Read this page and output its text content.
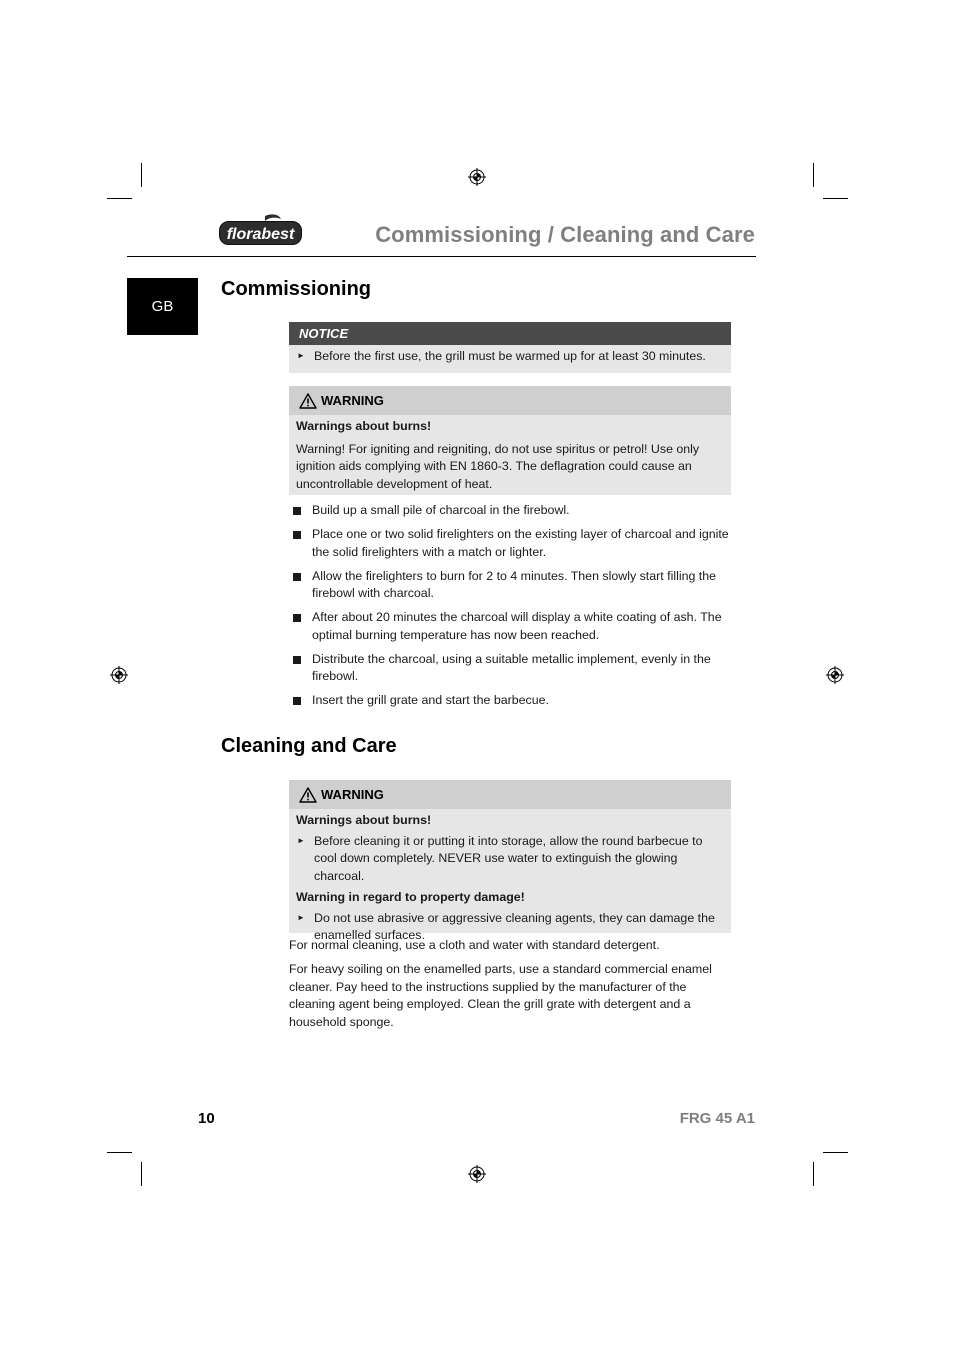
florabest	Commissioning / Cleaning and Care
GB
Commissioning
NOTICE
► Before the first use, the grill must be warmed up for at least 30 minutes.
WARNING
Warnings about burns!
Warning! For igniting and reigniting, do not use spiritus or petrol! Use only ignition aids complying with EN 1860-3. The deflagration could cause an uncontrollable development of heat.
Build up a small pile of charcoal in the firebowl.
Place one or two solid firelighters on the existing layer of charcoal and ignite the solid firelighters with a match or lighter.
Allow the firelighters to burn for 2 to 4 minutes. Then slowly start filling the firebowl with charcoal.
After about 20 minutes the charcoal will display a white coating of ash. The optimal burning temperature has now been reached.
Distribute the charcoal, using a suitable metallic implement, evenly in the firebowl.
Insert the grill grate and start the barbecue.
Cleaning and Care
WARNING
Warnings about burns!
► Before cleaning it or putting it into storage, allow the round barbecue to cool down completely. NEVER use water to extinguish the glowing charcoal.
Warning in regard to property damage!
► Do not use abrasive or aggressive cleaning agents, they can damage the enamelled surfaces.
For normal cleaning, use a cloth and water with standard detergent.
For heavy soiling on the enamelled parts, use a standard commercial enamel cleaner. Pay heed to the instructions supplied by the manufacturer of the cleaning agent being employed. Clean the grill grate with detergent and a household sponge.
10	FRG 45 A1
